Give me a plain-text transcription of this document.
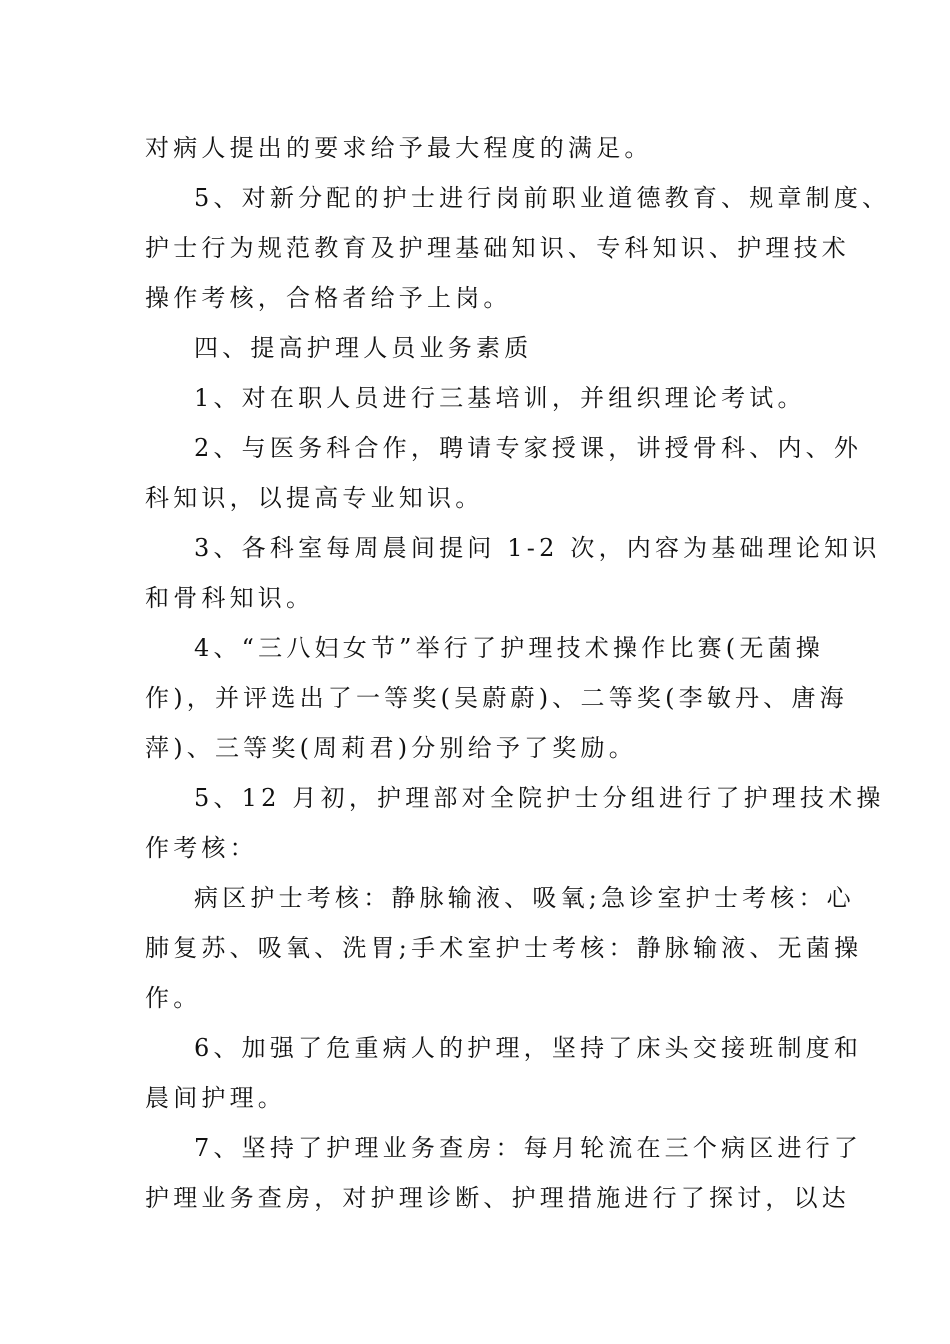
对病人提出的要求给予最大程度的满足。
5、对新分配的护士进行岗前职业道德教育、规章制度、
护士行为规范教育及护理基础知识、专科知识、护理技术
操作考核，合格者给予上岗。
四、提高护理人员业务素质
1、对在职人员进行三基培训，并组织理论考试。
2、与医务科合作，聘请专家授课，讲授骨科、内、外
科知识，以提高专业知识。
3、各科室每周晨间提问 1-2 次，内容为基础理论知识
和骨科知识。
4、“三八妇女节”举行了护理技术操作比赛(无菌操
作)，并评选出了一等奖(吴蔚蔚)、二等奖(李敏丹、唐海
萍)、三等奖(周莉君)分别给予了奖励。
5、12 月初，护理部对全院护士分组进行了护理技术操
作考核：
病区护士考核：静脉输液、吸氧;急诊室护士考核：心
肺复苏、吸氧、洗胃;手术室护士考核：静脉输液、无菌操
作。
6、加强了危重病人的护理，坚持了床头交接班制度和
晨间护理。
7、坚持了护理业务查房：每月轮流在三个病区进行了
护理业务查房，对护理诊断、护理措施进行了探讨，以达
